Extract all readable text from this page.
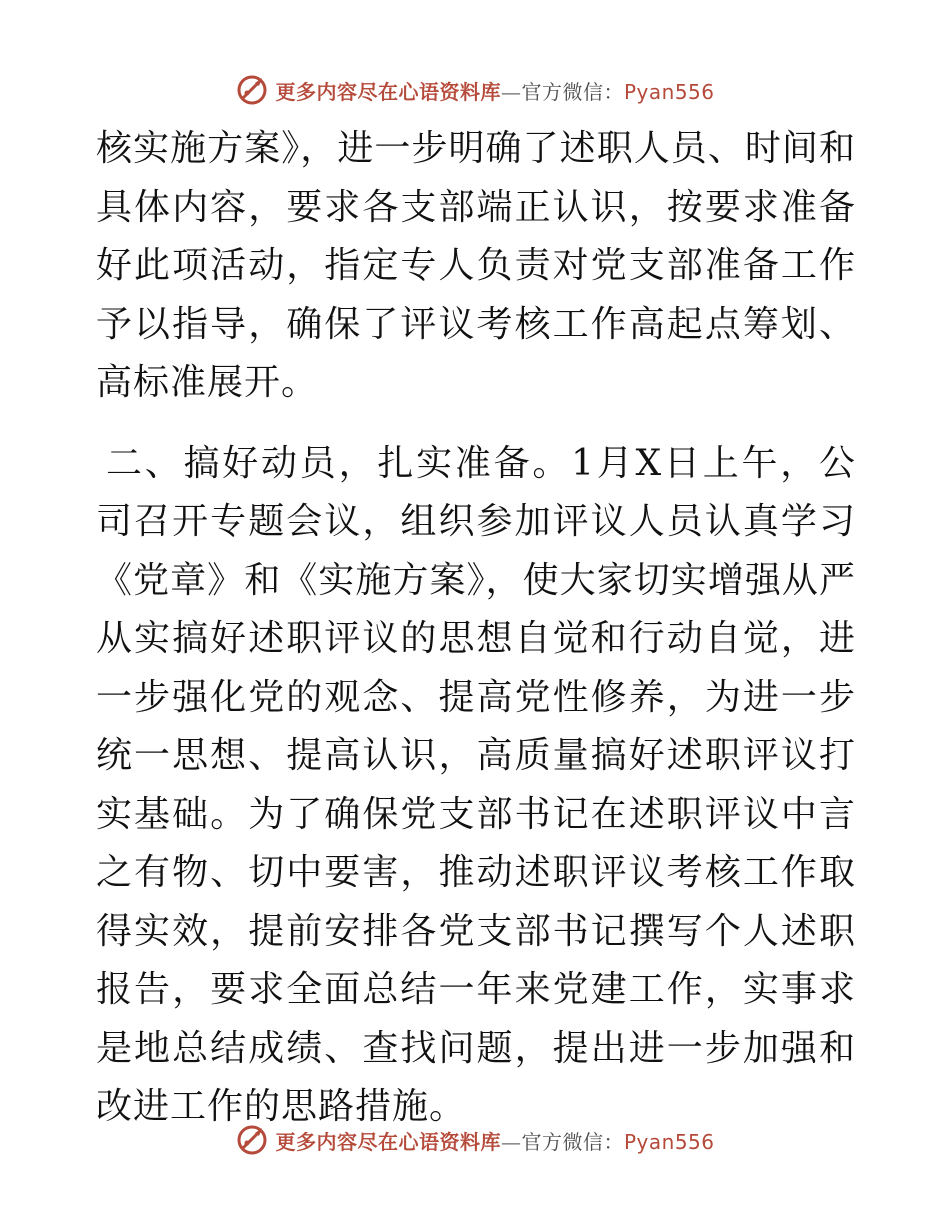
更多内容尽在心语资料库—官方微信：Pyan556

核实施方案》，进一步明确了述职人员、时间和具体内容，要求各支部端正认识，按要求准备好此项活动，指定专人负责对党支部准备工作予以指导，确保了评议考核工作高起点筹划、高标准展开。

二、搞好动员，扎实准备。1月X日上午，公司召开专题会议，组织参加评议人员认真学习《党章》和《实施方案》，使大家切实增强从严从实搞好述职评议的思想自觉和行动自觉，进一步强化党的观念、提高党性修养，为进一步统一思想、提高认识，高质量搞好述职评议打实基础。为了确保党支部书记在述职评议中言之有物、切中要害，推动述职评议考核工作取得实效，提前安排各党支部书记撰写个人述职报告，要求全面总结一年来党建工作，实事求是地总结成绩、查找问题，提出进一步加强和改进工作的思路措施。

更多内容尽在心语资料库—官方微信：Pyan556
